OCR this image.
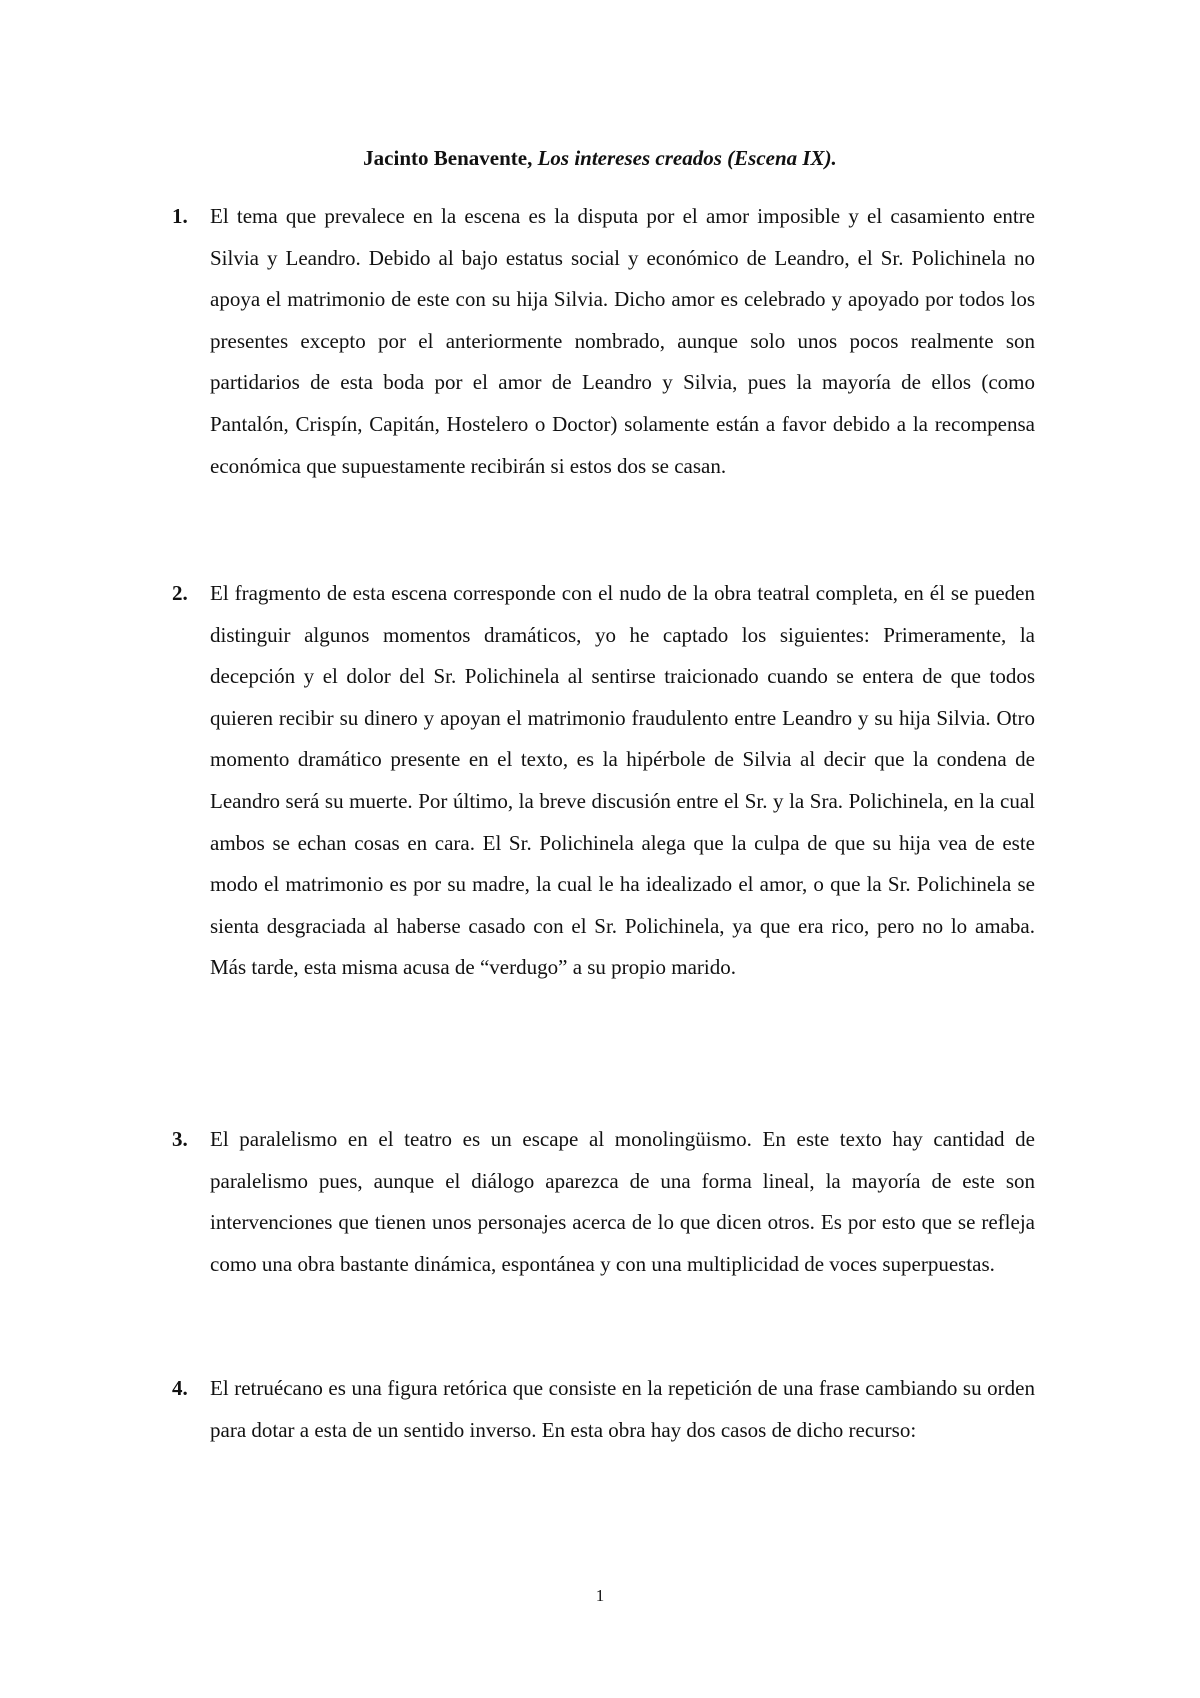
Jacinto Benavente, Los intereses creados (Escena IX).
1. El tema que prevalece en la escena es la disputa por el amor imposible y el casamiento entre Silvia y Leandro. Debido al bajo estatus social y económico de Leandro, el Sr. Polichinela no apoya el matrimonio de este con su hija Silvia. Dicho amor es celebrado y apoyado por todos los presentes excepto por el anteriormente nombrado, aunque solo unos pocos realmente son partidarios de esta boda por el amor de Leandro y Silvia, pues la mayoría de ellos (como Pantalón, Crispín, Capitán, Hostelero o Doctor) solamente están a favor debido a la recompensa económica que supuestamente recibirán si estos dos se casan.

2. El fragmento de esta escena corresponde con el nudo de la obra teatral completa, en él se pueden distinguir algunos momentos dramáticos, yo he captado los siguientes: Primeramente, la decepción y el dolor del Sr. Polichinela al sentirse traicionado cuando se entera de que todos quieren recibir su dinero y apoyan el matrimonio fraudulento entre Leandro y su hija Silvia. Otro momento dramático presente en el texto, es la hipérbole de Silvia al decir que la condena de Leandro será su muerte. Por último, la breve discusión entre el Sr. y la Sra. Polichinela, en la cual ambos se echan cosas en cara. El Sr. Polichinela alega que la culpa de que su hija vea de este modo el matrimonio es por su madre, la cual le ha idealizado el amor, o que la Sr. Polichinela se sienta desgraciada al haberse casado con el Sr. Polichinela, ya que era rico, pero no lo amaba. Más tarde, esta misma acusa de “verdugo” a su propio marido.

3. El paralelismo en el teatro es un escape al monolingüismo. En este texto hay cantidad de paralelismo pues, aunque el diálogo aparezca de una forma lineal, la mayoría de este son intervenciones que tienen unos personajes acerca de lo que dicen otros. Es por esto que se refleja como una obra bastante dinámica, espontánea y con una multiplicidad de voces superpuestas.

4. El retruécano es una figura retórica que consiste en la repetición de una frase cambiando su orden para dotar a esta de un sentido inverso. En esta obra hay dos casos de dicho recurso:

1
